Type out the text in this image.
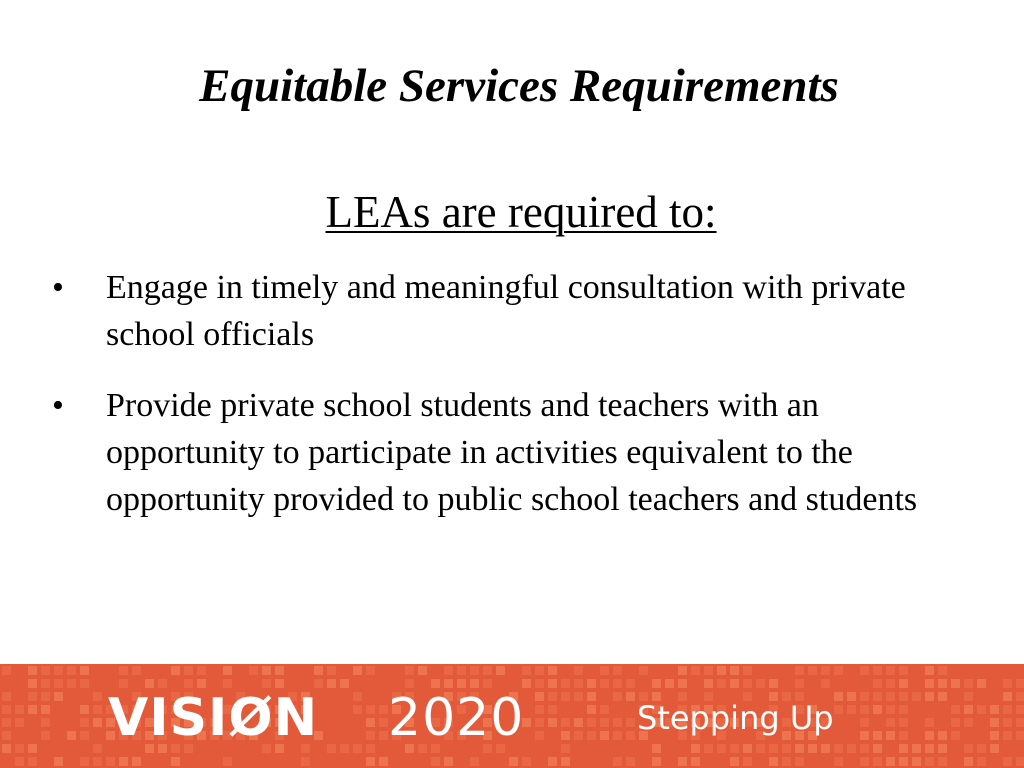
Equitable Services Requirements
LEAs are required to:
• Engage in timely and meaningful consultation with private school officials
• Provide private school students and teachers with an opportunity to participate in activities equivalent to the opportunity provided to public school teachers and students
VISIØN 2020	Stepping Up
